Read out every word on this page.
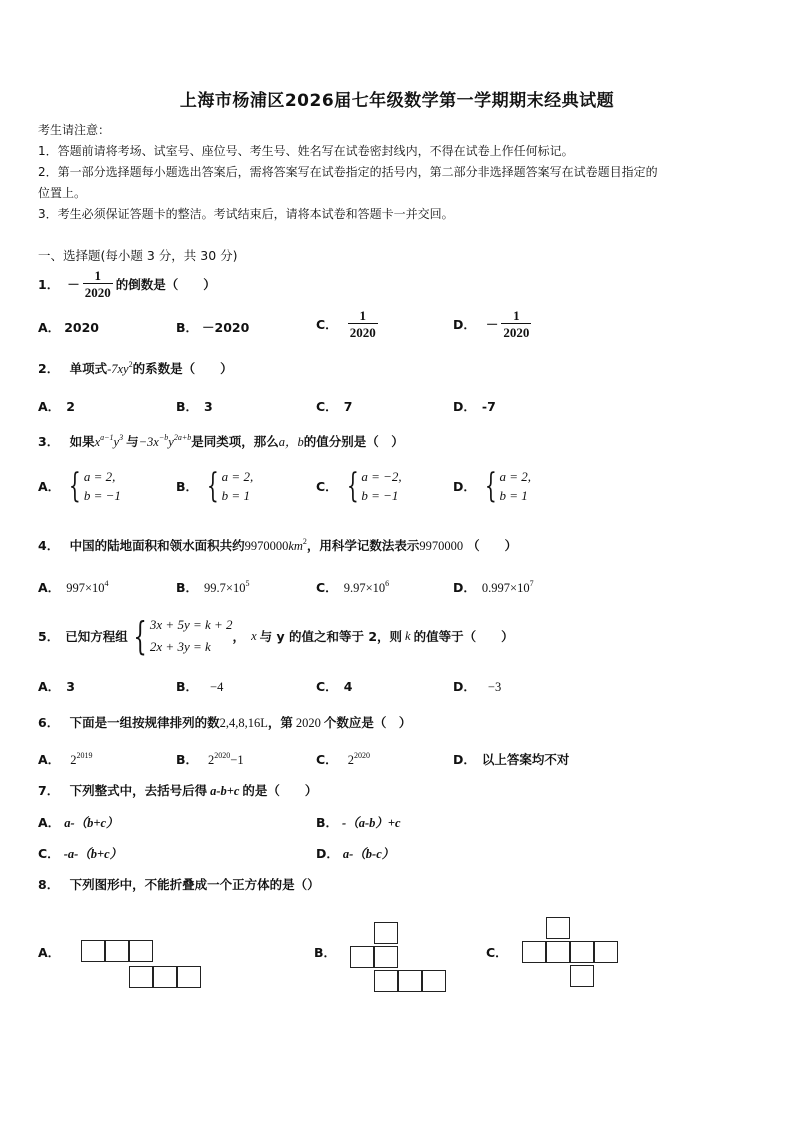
上海市杨浦区2026届七年级数学第一学期期末经典试题
考生请注意：
1．答题前请将考场、试室号、座位号、考生号、姓名写在试卷密封线内，不得在试卷上作任何标记。
2．第一部分选择题每小题选出答案后，需将答案写在试卷指定的括号内，第二部分非选择题答案写在试卷题目指定的
位置上。
3．考生必须保证答题卡的整洁。考试结束后，请将本试卷和答题卡一并交回。
一、选择题(每小题 3 分，共 30 分)
1． － $\frac{1}{2020}$ 的倒数是（　　）
A． 2020	B． －2020	C． $\frac{1}{2020}$	D． － $\frac{1}{2020}$
2． 单项式$-7xy^2$的系数是（　　）
A． 2	B． 3	C． 7	D． -7
3． 如果$x^{a-1}y^3$ 与$-3x^{-b}y^{2a+b}$是同类项，那么a，b的值分别是（　）
A． { a = 2,
b = −1
B． { a = 2,
b = 1
C． { a = −2,
b = −1
D． { a = 2,
b = 1
4． 中国的陆地面积和领水面积共约$9970000km^2$，用科学记数法表示9970000 （　　）
A． $997\times 10^4$	B． $99.7\times 10^5$	C． $9.97\times 10^6$	D． $0.997\times 10^7$
5． 已知方程组 { 3x + 5y = k + 2
2x + 3y = k
， x 与 y 的值之和等于 2，则 k 的值等于（　　）
A． 3	B． −4	C． 4	D． −3
6． 下面是一组按规律排列的数2,4,8,16L，第 2020 个数应是（　）
A． $2^{2019}$	B． $2^{2020}-1$	C． $2^{2020}$	D． 以上答案均不对
7． 下列整式中，去括号后得 a-b+c 的是（　　）
A． a-（b+c）	B． -（a-b）+c
C． -a-（b+c）	D． a-（b-c）
8． 下列图形中，不能折叠成一个正方体的是（）
A．	B．	C．
